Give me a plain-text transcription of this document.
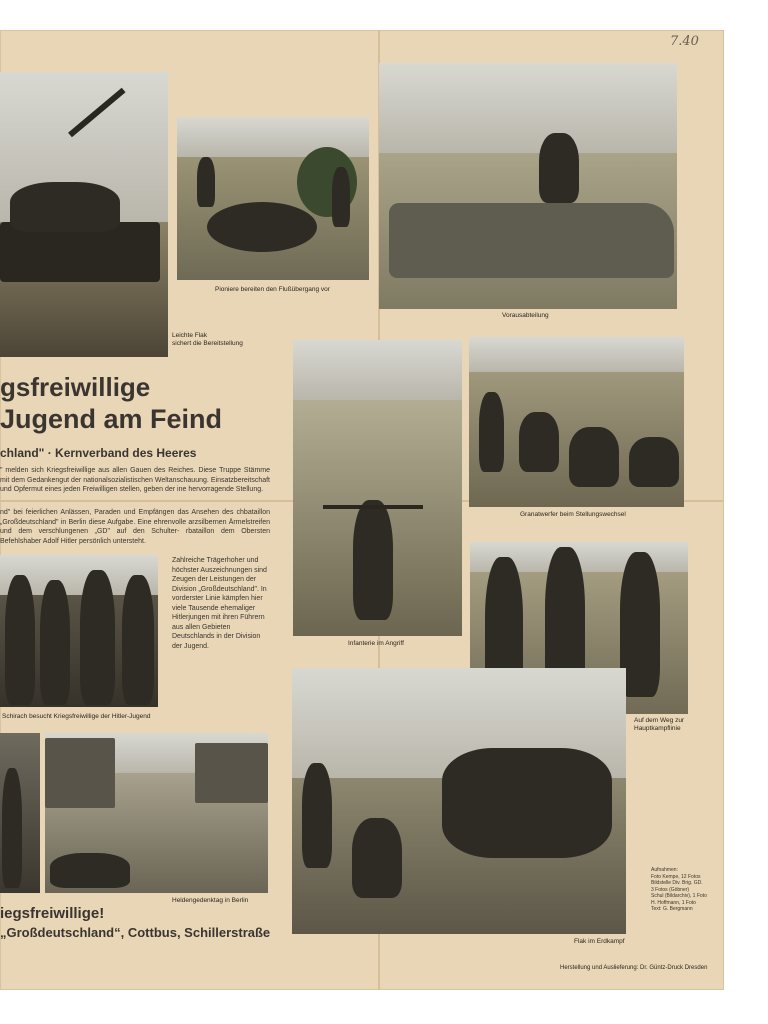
7.40
Leichte Flak
sichert die Bereitstellung
Pioniere bereiten den Flußübergang vor
Vorausabteilung
gsfreiwillige
Jugend am Feind
chland" · Kernverband des Heeres
" melden sich Kriegsfreiwillige aus allen Gauen des Reiches. Diese Truppe Stämme mit dem Gedankengut der nationalsozialistischen Weltanschauung. Einsatzbereitschaft und Opfermut eines jeden Freiwilligen stellen, geben der ine hervorragende Stellung.
nd" bei feierlichen Anlässen, Paraden und Empfängen das Ansehen des chbataillon „Großdeutschland" in Berlin diese Aufgabe. Eine ehrenvolle arzsilbernen Ärmelstreifen und dem verschlungenen „GD" auf den Schulter- rbataillon dem Obersten Befehlshaber Adolf Hitler persönlich untersteht.
Schirach besucht Kriegsfreiwillige der Hitler-Jugend
Zahlreiche Trägerhoher und höchster Auszeichnungen sind Zeugen der Leistungen der Division „Großdeutschland". In vorderster Linie kämpfen hier viele Tausende ehemaliger Hitlerjungen mit ihren Führern aus allen Gebieten Deutschlands in der Division der Jugend.	Infanterie im Angriff
Granatwerfer beim Stellungswechsel
Auf dem Weg zur
Hauptkampflinie
Heldengedenktag in Berlin
Flak im Erdkampf
Aufnahmen:
Foto Kempe, 12 Fotos
Bildstelle Div. Brig. GD.
3 Fotos (Göbner)
Schul (Bildarchiv), 1 Foto
H. Hoffmann, 1 Foto
Text: G. Bergmann
iegsfreiwillige!
„Großdeutschland“, Cottbus, Schillerstraße
Herstellung und Auslieferung: Dr. Güntz-Druck Dresden
